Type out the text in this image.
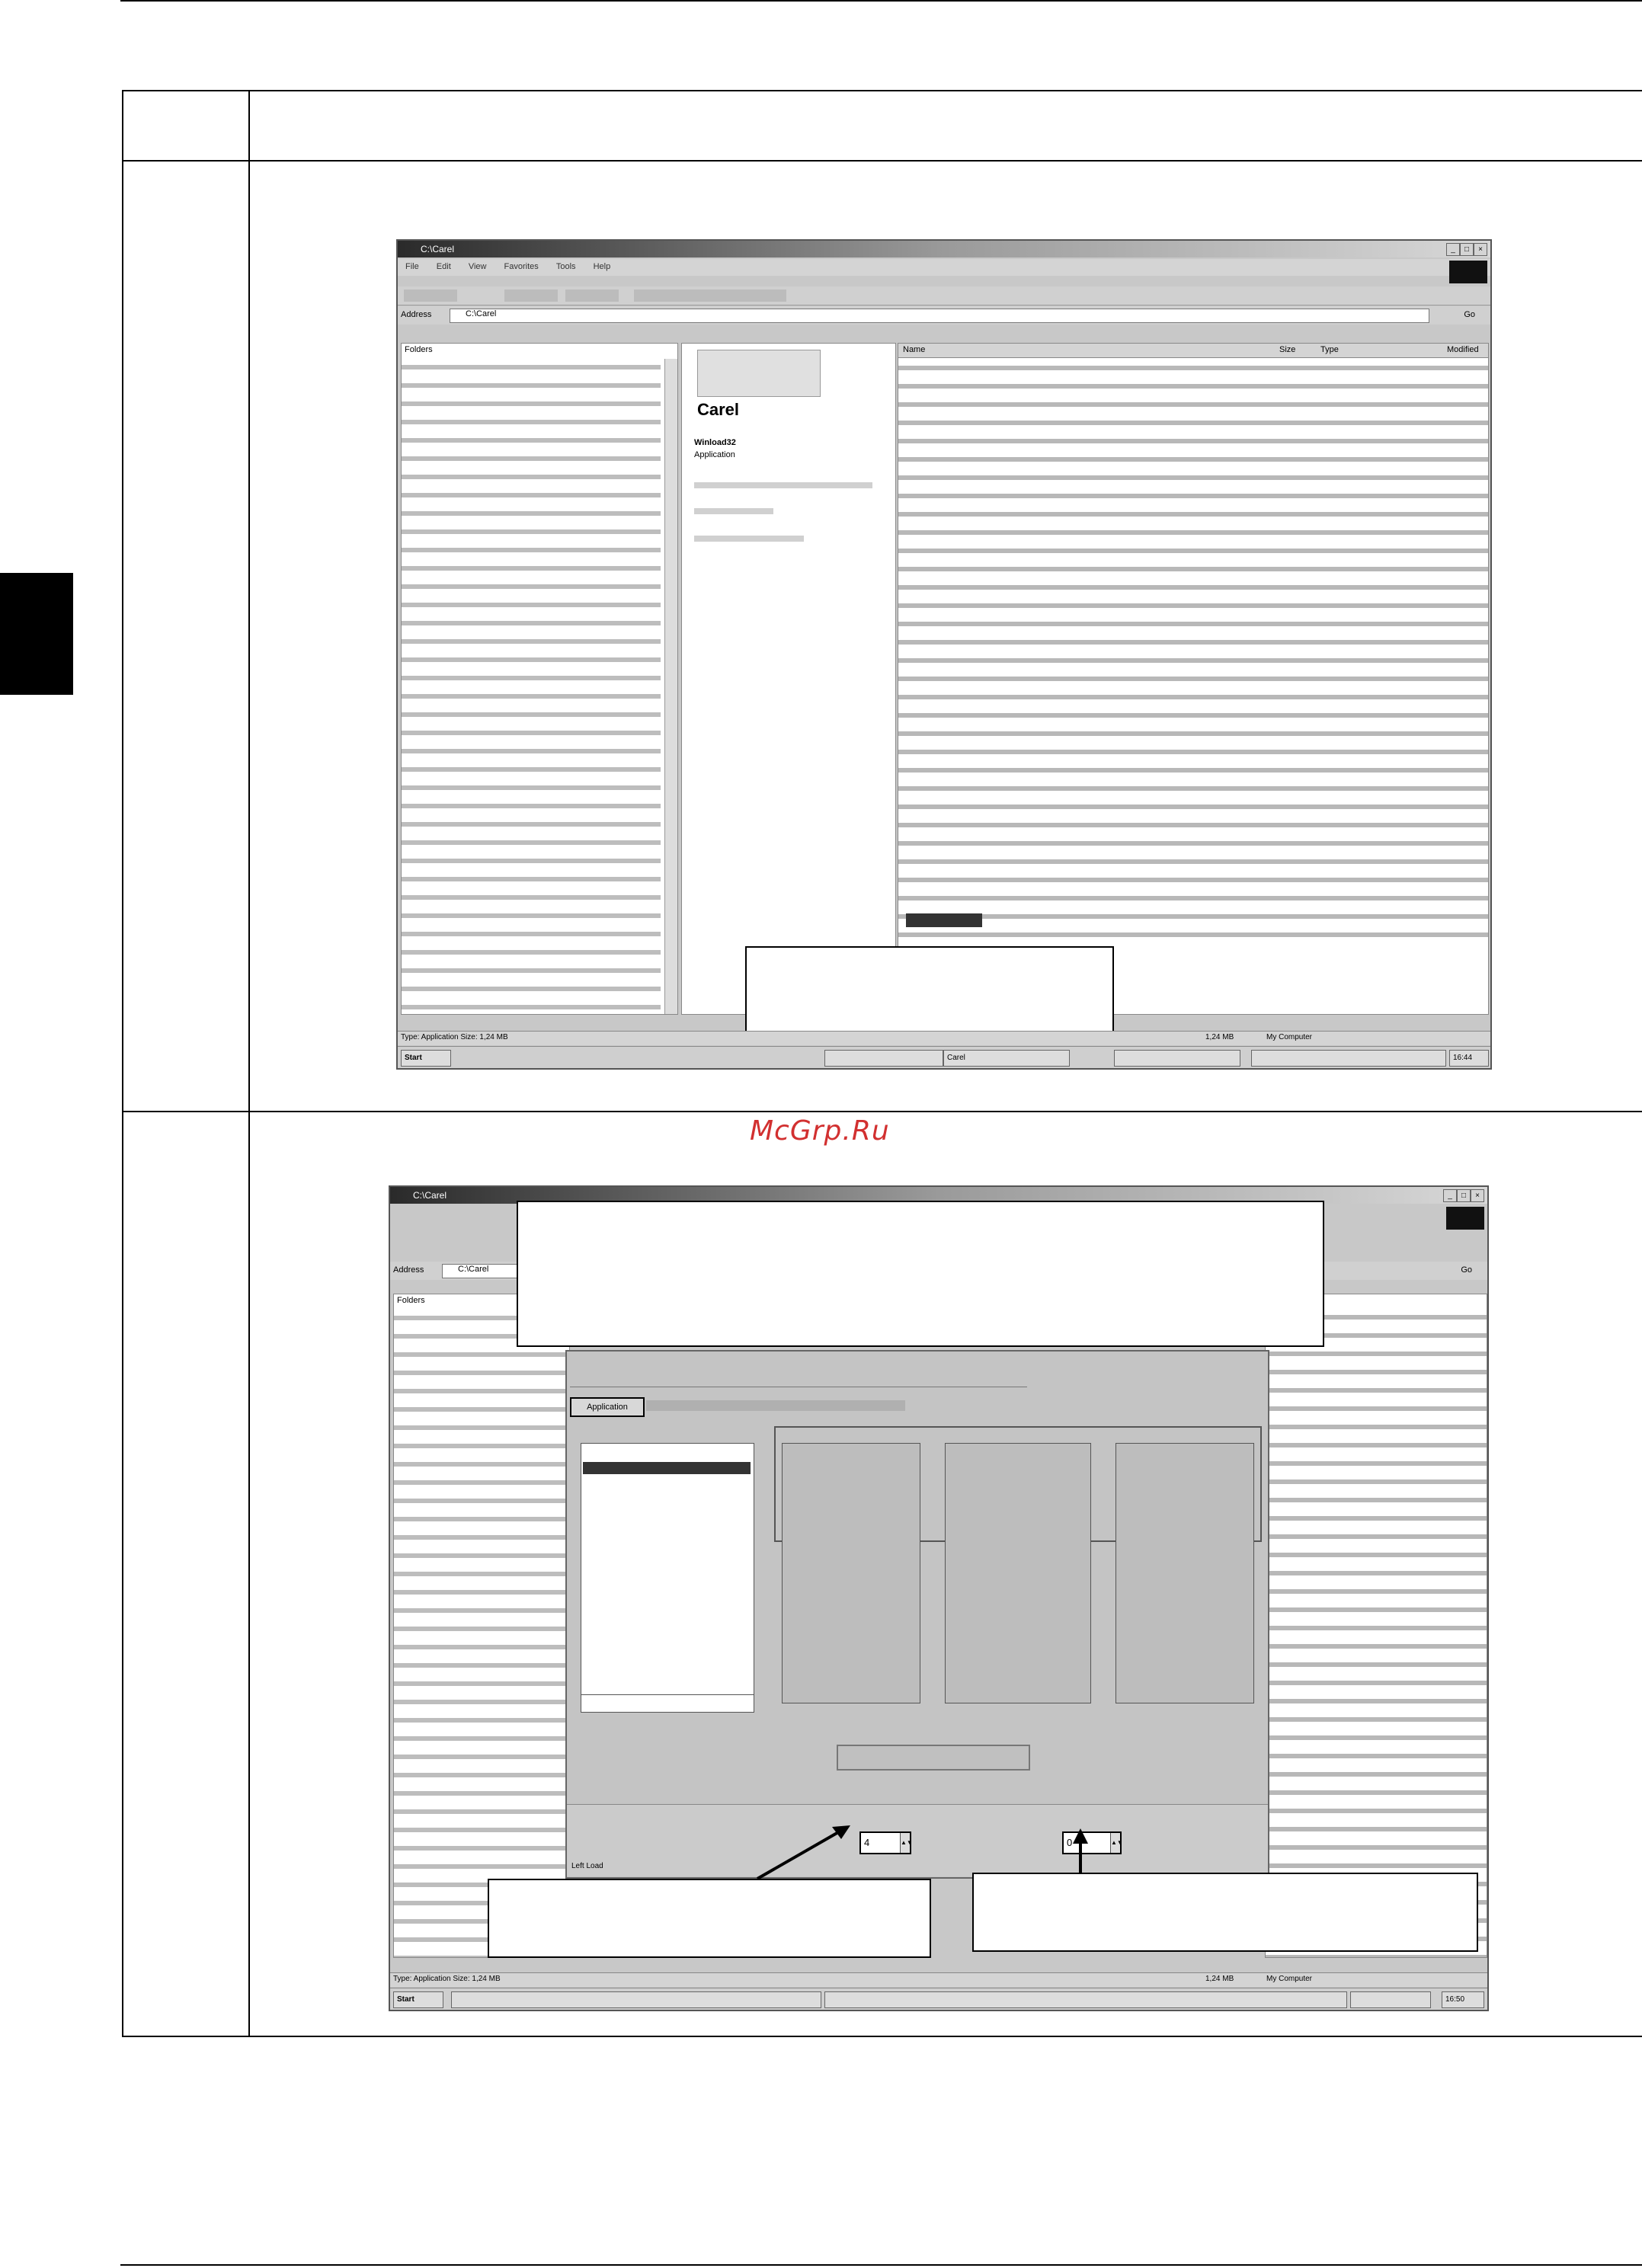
C:\Carel	_	□	×
File Edit View Favorites Tools Help
Address	C:\Carel	Go
Folders
Carel
Winload32
Application
Name	Size	Type	Modified
Type: Application Size: 1,24 MB	1,24 MB	My Computer
Start	Carel	16:44
McGrp.Ru
C:\Carel	_	□	×
Address	C:\Carel	Go
Folders
Application
4	▲▼	0	▲▼
Left Load
Type: Application Size: 1,24 MB	1,24 MB	My Computer
Start	16:50
